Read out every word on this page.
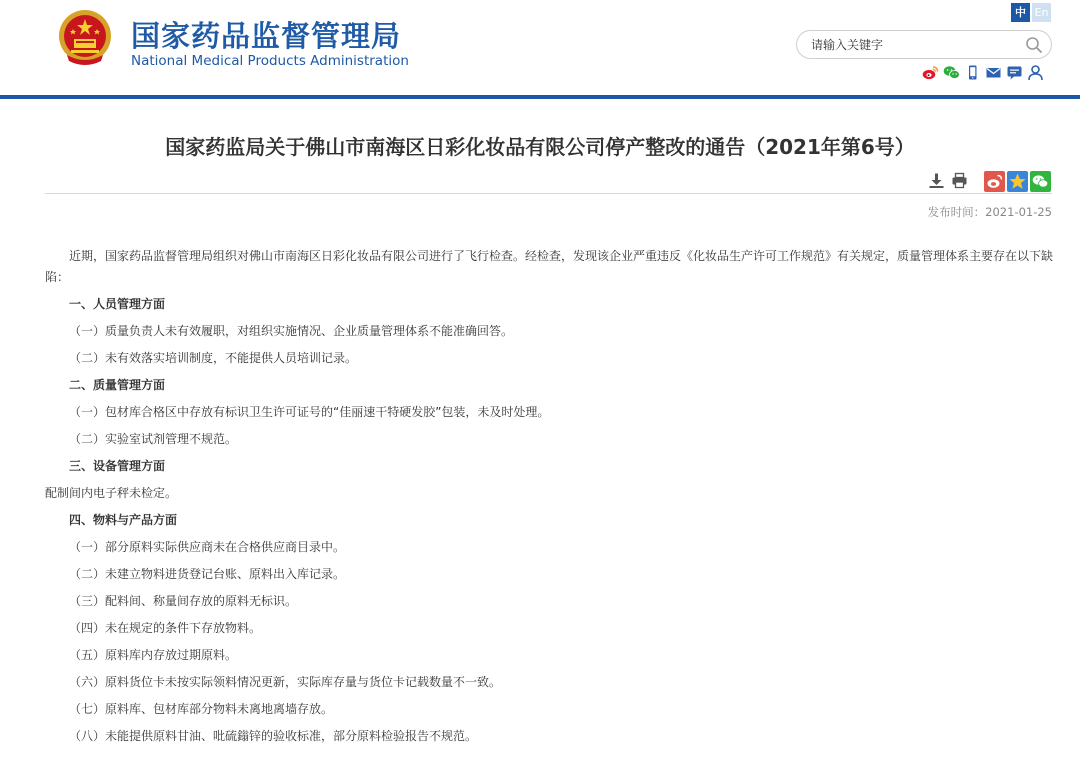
国家药品监督管理局
National Medical Products Administration
中 En
请输入关键字
国家药监局关于佛山市南海区日彩化妆品有限公司停产整改的通告（2021年第6号）
发布时间：2021-01-25

近期，国家药品监督管理局组织对佛山市南海区日彩化妆品有限公司进行了飞行检查。经检查，发现该企业严重违反《化妆品生产许可工作规范》有关规定，质量管理体系主要存在以下缺陷：

一、人员管理方面

（一）质量负责人未有效履职，对组织实施情况、企业质量管理体系不能准确回答。

（二）未有效落实培训制度，不能提供人员培训记录。

二、质量管理方面

（一）包材库合格区中存放有标识卫生许可证号的“佳丽速干特硬发胶”包装，未及时处理。

（二）实验室试剂管理不规范。

三、设备管理方面

配制间内电子秤未检定。

四、物料与产品方面

（一）部分原料实际供应商未在合格供应商目录中。

（二）未建立物料进货登记台账、原料出入库记录。

（三）配料间、称量间存放的原料无标识。

（四）未在规定的条件下存放物料。

（五）原料库内存放过期原料。

（六）原料货位卡未按实际领料情况更新，实际库存量与货位卡记载数量不一致。

（七）原料库、包材库部分物料未离地离墙存放。

（八）未能提供原料甘油、吡硫鎓锌的验收标准，部分原料检验报告不规范。
